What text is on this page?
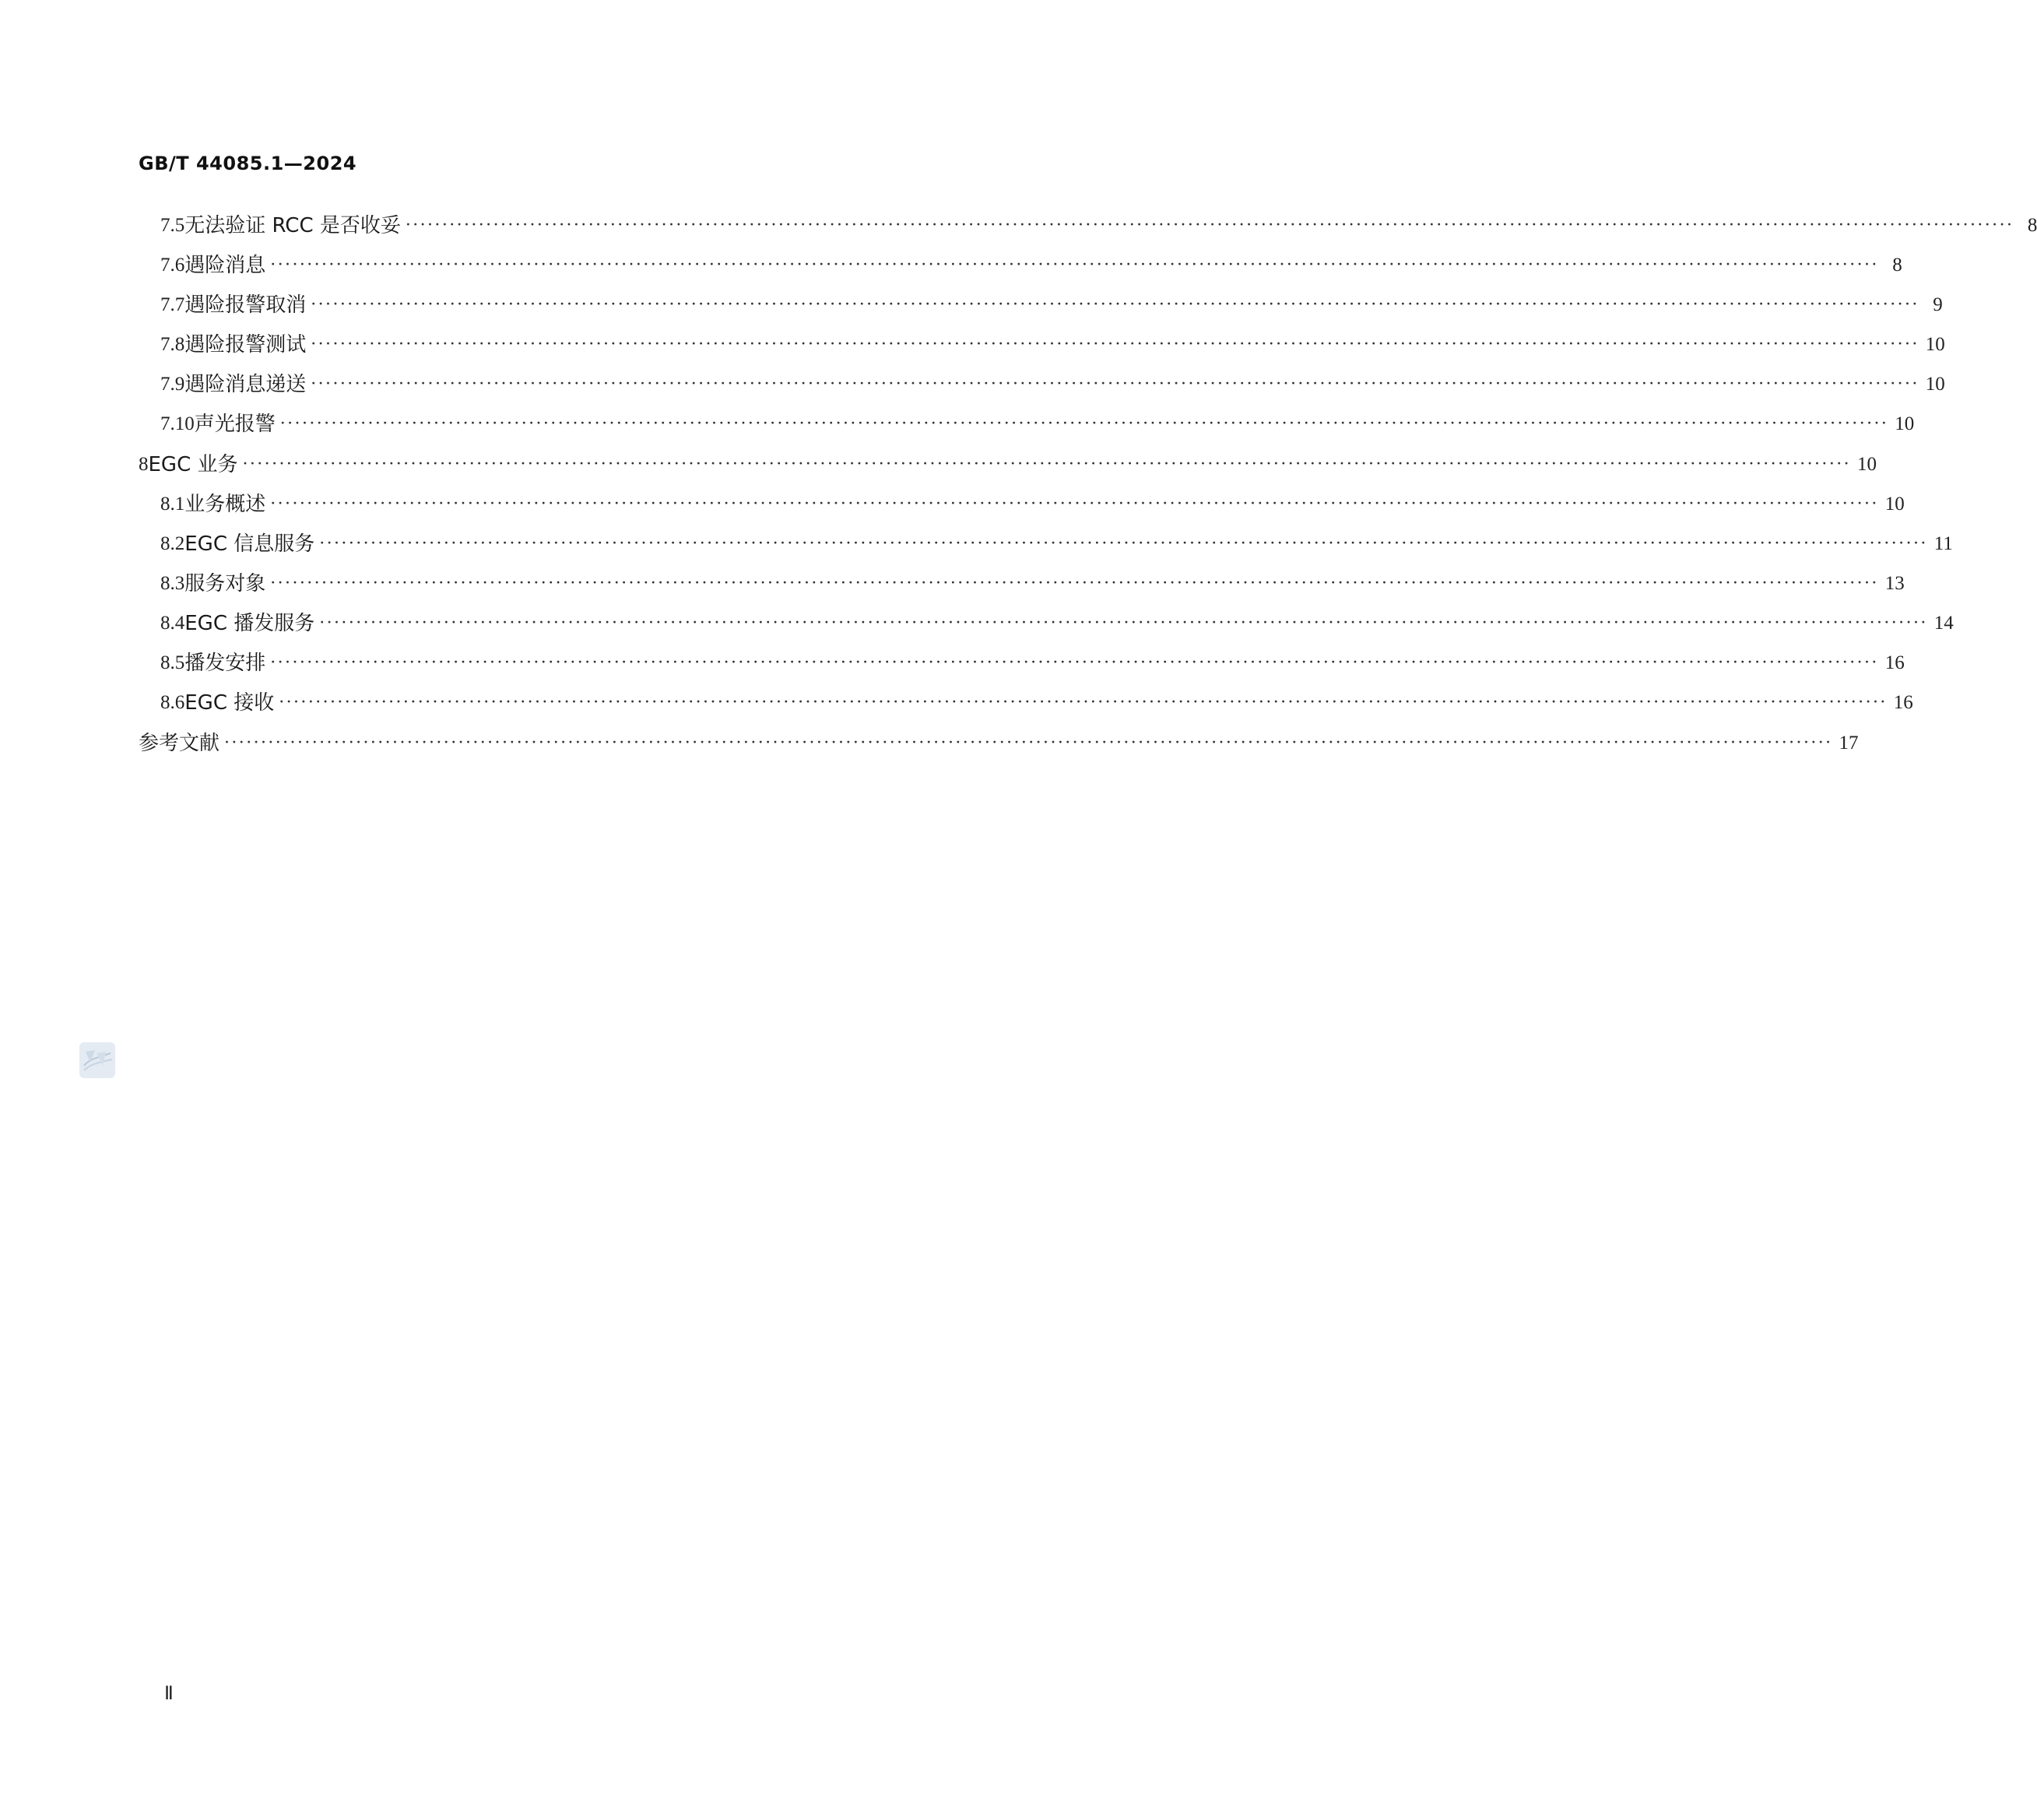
GB/T 44085.1—2024
7.5 无法验证 RCC 是否收妥 ···························································································································································································································· 8
7.6 遇险消息 ···························································································································································································································· 8
7.7 遇险报警取消 ···························································································································································································································· 9
7.8 遇险报警测试 ···························································································································································································································· 10
7.9 遇险消息递送 ···························································································································································································································· 10
7.10 声光报警 ···························································································································································································································· 10
8 EGC 业务 ···························································································································································································································· 10
8.1 业务概述 ···························································································································································································································· 10
8.2 EGC 信息服务 ···························································································································································································································· 11
8.3 服务对象 ···························································································································································································································· 13
8.4 EGC 播发服务 ···························································································································································································································· 14
8.5 播发安排 ···························································································································································································································· 16
8.6 EGC 接收 ···························································································································································································································· 16
参考文献 ···························································································································································································································· 17
Ⅱ
